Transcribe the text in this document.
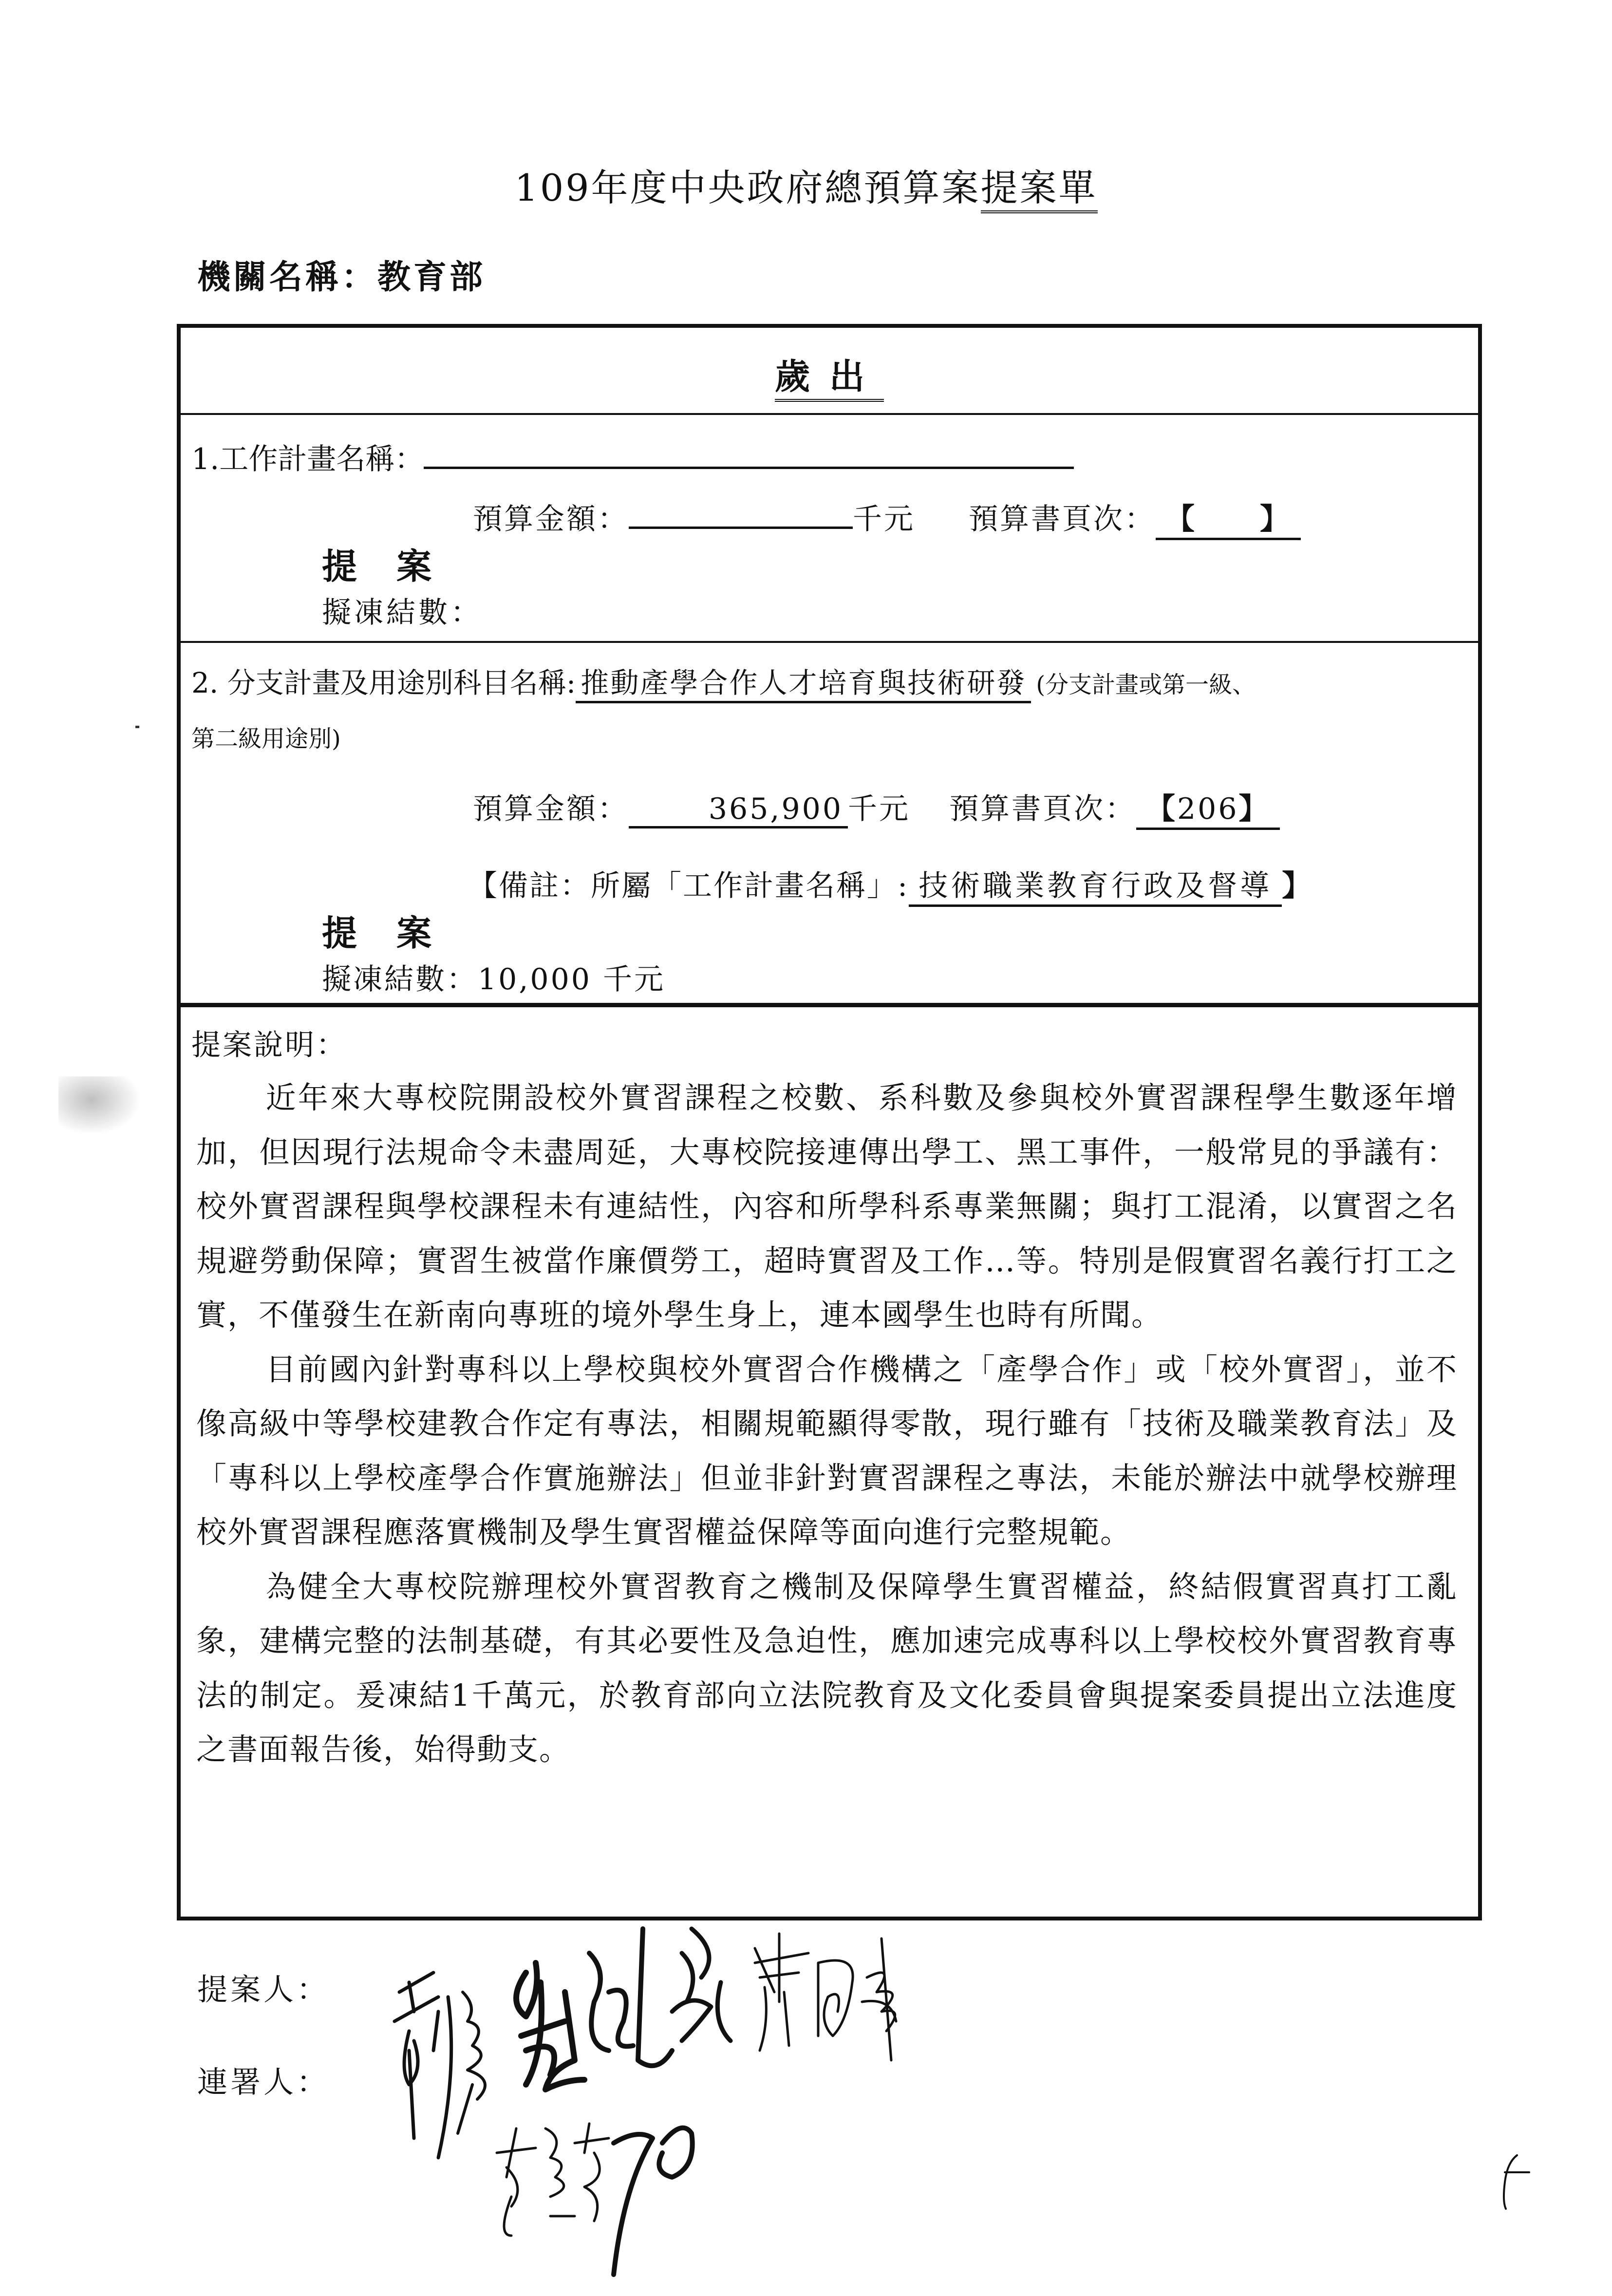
109年度中央政府總預算案提案單
機關名稱：教育部
歲出
1.工作計畫名稱：
預算金額：	千元 預算書頁次： 【 】
提 案
擬凍結數：
2. 分支計畫及用途別科目名稱: 推動產學合作人才培育與技術研發 (分支計畫或第一級、
第二級用途別)
預算金額：	365,900 千元 預算書頁次： 【206】
【備註：所屬「工作計畫名稱」: 技術職業教育行政及督導 】
提 案
擬凍結數：10,000 千元
提案說明：

近年來大專校院開設校外實習課程之校數、系科數及參與校外實習課程學生數逐年增加，但因現行法規命令未盡周延，大專校院接連傳出學工、黑工事件，一般常見的爭議有：校外實習課程與學校課程未有連結性，內容和所學科系專業無關；與打工混淆，以實習之名規避勞動保障；實習生被當作廉價勞工，超時實習及工作…等。特別是假實習名義行打工之實，不僅發生在新南向專班的境外學生身上，連本國學生也時有所聞。

目前國內針對專科以上學校與校外實習合作機構之「產學合作」或「校外實習」，並不像高級中等學校建教合作定有專法，相關規範顯得零散，現行雖有「技術及職業教育法」及「專科以上學校產學合作實施辦法」但並非針對實習課程之專法，未能於辦法中就學校辦理校外實習課程應落實機制及學生實習權益保障等面向進行完整規範。

為健全大專校院辦理校外實習教育之機制及保障學生實習權益，終結假實習真打工亂象，建構完整的法制基礎，有其必要性及急迫性，應加速完成專科以上學校校外實習教育專法的制定。爰凍結1千萬元，於教育部向立法院教育及文化委員會與提案委員提出立法進度之書面報告後，始得動支。

提案人：
連署人：
